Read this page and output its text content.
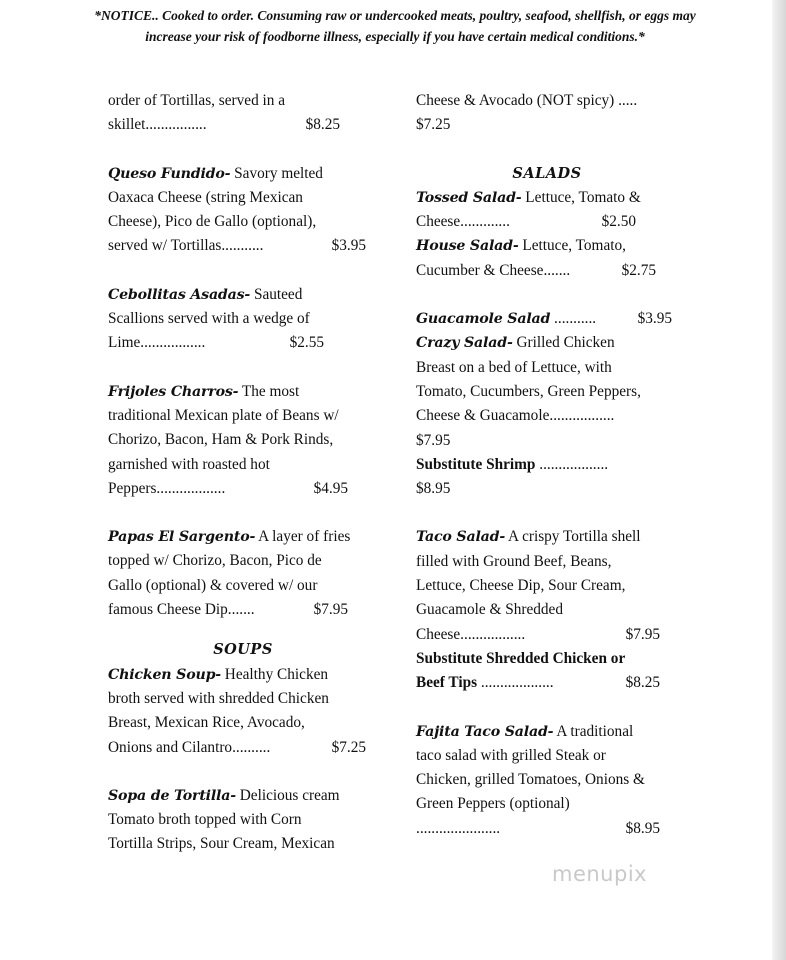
*NOTICE.. Cooked to order. Consuming raw or undercooked meats, poultry, seafood, shellfish, or eggs may increase your risk of foodborne illness, especially if you have certain medical conditions.*
order of Tortillas, served in a
skillet................	$8.25
Queso Fundido- Savory melted
Oaxaca Cheese (string Mexican
Cheese), Pico de Gallo (optional),
served w/ Tortillas...........	$3.95
Cebollitas Asadas- Sauteed
Scallions served with a wedge of
Lime.................	$2.55
Frijoles Charros- The most
traditional Mexican plate of Beans w/
Chorizo, Bacon, Ham & Pork Rinds,
garnished with roasted hot
Peppers..................	$4.95
Papas El Sargento- A layer of fries
topped w/ Chorizo, Bacon, Pico de
Gallo (optional) & covered w/ our
famous Cheese Dip.......	$7.95
SOUPS
Chicken Soup- Healthy Chicken
broth served with shredded Chicken
Breast, Mexican Rice, Avocado,
Onions and Cilantro..........	$7.25
Sopa de Tortilla- Delicious cream
Tomato broth topped with Corn
Tortilla Strips, Sour Cream, Mexican
Cheese & Avocado (NOT spicy) .....
$7.25
SALADS
Tossed Salad- Lettuce, Tomato &
Cheese.............	$2.50
House Salad- Lettuce, Tomato,
Cucumber & Cheese.......	$2.75
Guacamole Salad ...........	$3.95
Crazy Salad- Grilled Chicken
Breast on a bed of Lettuce, with
Tomato, Cucumbers, Green Peppers,
Cheese & Guacamole.................
$7.95
Substitute Shrimp ..................
$8.95
Taco Salad- A crispy Tortilla shell
filled with Ground Beef, Beans,
Lettuce, Cheese Dip, Sour Cream,
Guacamole & Shredded
Cheese.................	$7.95
Substitute Shredded Chicken or
Beef Tips ...................	$8.25
Fajita Taco Salad- A traditional
taco salad with grilled Steak or
Chicken, grilled Tomatoes, Onions &
Green Peppers (optional)
......................	$8.95
menupix
